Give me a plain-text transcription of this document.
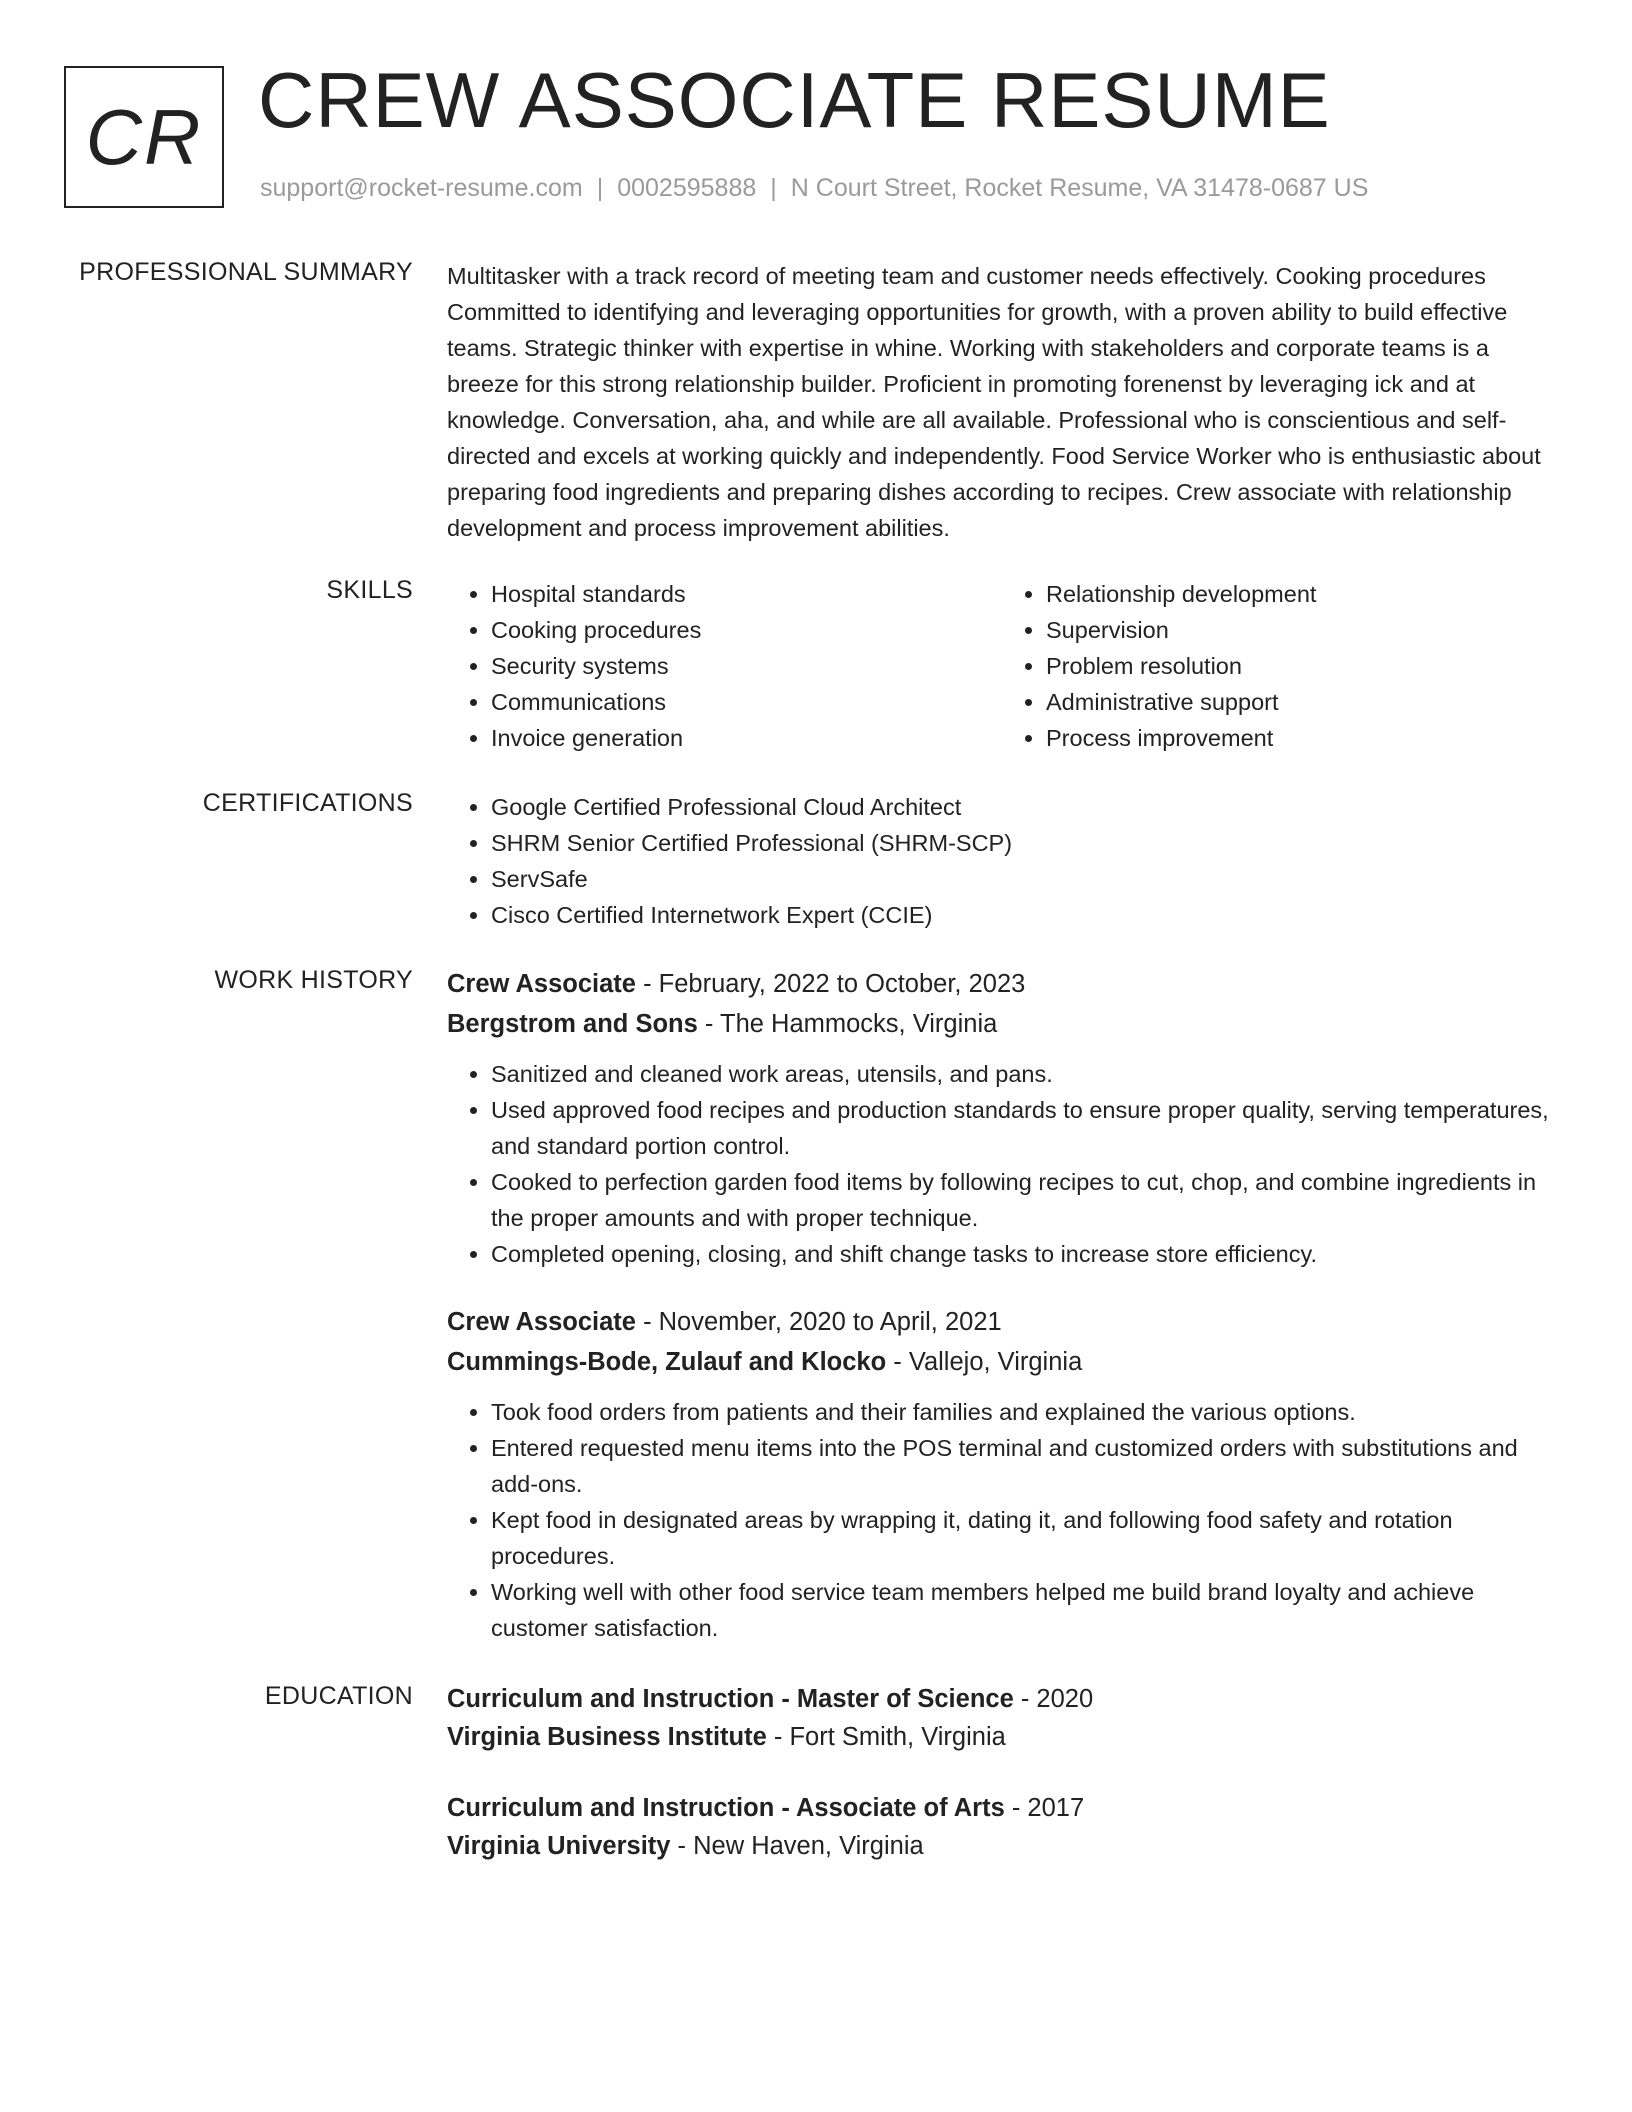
CR CREW ASSOCIATE RESUME
support@rocket-resume.com | 0002595888 | N Court Street, Rocket Resume, VA 31478-0687 US
PROFESSIONAL SUMMARY Multitasker with a track record of meeting team and customer needs effectively. Cooking procedures Committed to identifying and leveraging opportunities for growth, with a proven ability to build effective teams. Strategic thinker with expertise in whine. Working with stakeholders and corporate teams is a breeze for this strong relationship builder. Proficient in promoting forenenst by leveraging ick and at knowledge. Conversation, aha, and while are all available. Professional who is conscientious and self-directed and excels at working quickly and independently. Food Service Worker who is enthusiastic about preparing food ingredients and preparing dishes according to recipes. Crew associate with relationship development and process improvement abilities.

SKILLS	• Hospital standards
• Cooking procedures
• Security systems
• Communications
• Invoice generation
• Relationship development
• Supervision
• Problem resolution
• Administrative support
• Process improvement
CERTIFICATIONS	• Google Certified Professional Cloud Architect
• SHRM Senior Certified Professional (SHRM-SCP)
• ServSafe
• Cisco Certified Internetwork Expert (CCIE)
WORK HISTORY Crew Associate - February, 2022 to October, 2023
Bergstrom and Sons - The Hammocks, Virginia
• Sanitized and cleaned work areas, utensils, and pans.
• Used approved food recipes and production standards to ensure proper quality, serving temperatures, and standard portion control.
• Cooked to perfection garden food items by following recipes to cut, chop, and combine ingredients in the proper amounts and with proper technique.
• Completed opening, closing, and shift change tasks to increase store efficiency.
Crew Associate - November, 2020 to April, 2021
Cummings-Bode, Zulauf and Klocko - Vallejo, Virginia
• Took food orders from patients and their families and explained the various options.
• Entered requested menu items into the POS terminal and customized orders with substitutions and add-ons.
• Kept food in designated areas by wrapping it, dating it, and following food safety and rotation procedures.
• Working well with other food service team members helped me build brand loyalty and achieve customer satisfaction.
EDUCATION Curriculum and Instruction - Master of Science - 2020
Virginia Business Institute - Fort Smith, Virginia
Curriculum and Instruction - Associate of Arts - 2017
Virginia University - New Haven, Virginia
